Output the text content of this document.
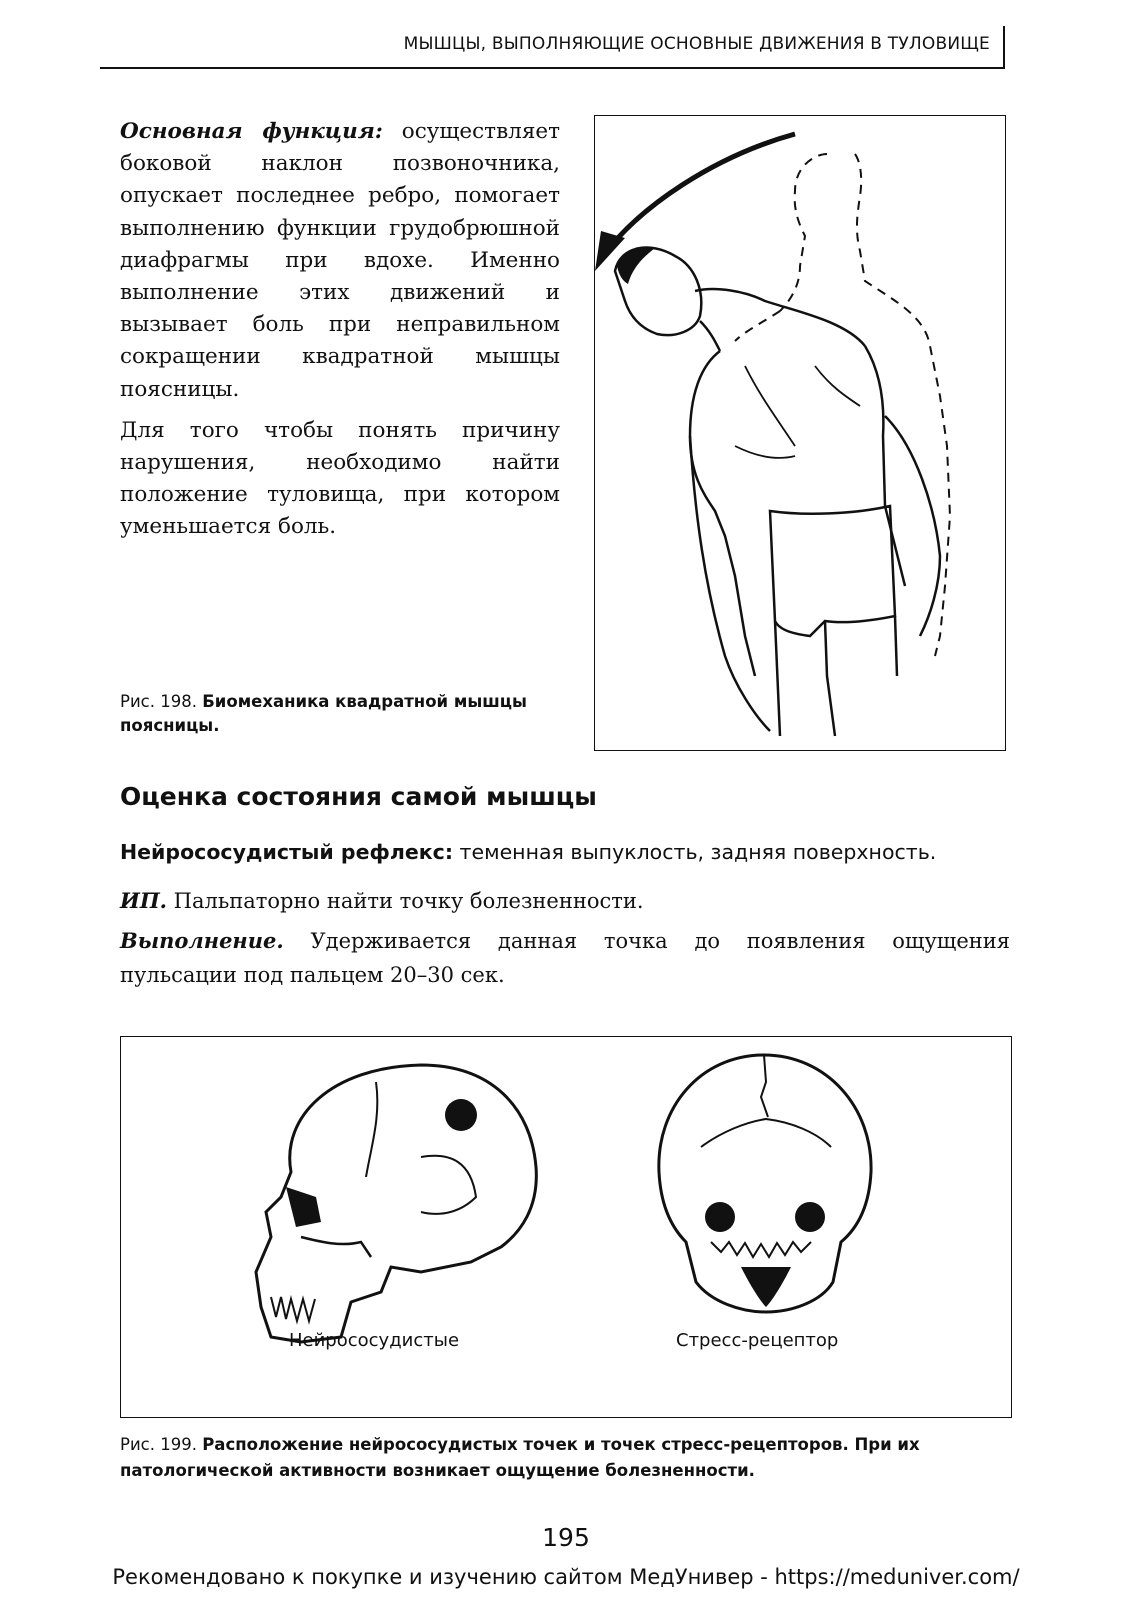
МЫШЦЫ, ВЫПОЛНЯЮЩИЕ ОСНОВНЫЕ ДВИЖЕНИЯ В ТУЛОВИЩЕ

Основная функция: осуществляет боковой наклон позвоночника, опускает последнее ребро, помогает выполнению функции грудобрюшной диафрагмы при вдохе. Именно выполнение этих движений и вызывает боль при неправильном сокращении квадратной мышцы поясницы.

Для того чтобы понять причину нарушения, необходимо найти положение туловища, при котором уменьшается боль.

Рис. 198. Биомеханика квадратной мышцы поясницы.
Оценка состояния самой мышцы
Нейрососудистый рефлекс: теменная выпуклость, задняя поверхность.
ИП. Пальпаторно найти точку болезненности.

Выполнение. Удерживается данная точка до появления ощущения пульсации под пальцем 20–30 сек.

Нейрососудистые	Стресс-рецептор
Рис. 199. Расположение нейрососудистых точек и точек стресс-рецепторов. При их патологической активности возникает ощущение болезненности.
195
Рекомендовано к покупке и изучению сайтом МедУнивер - https://meduniver.com/
